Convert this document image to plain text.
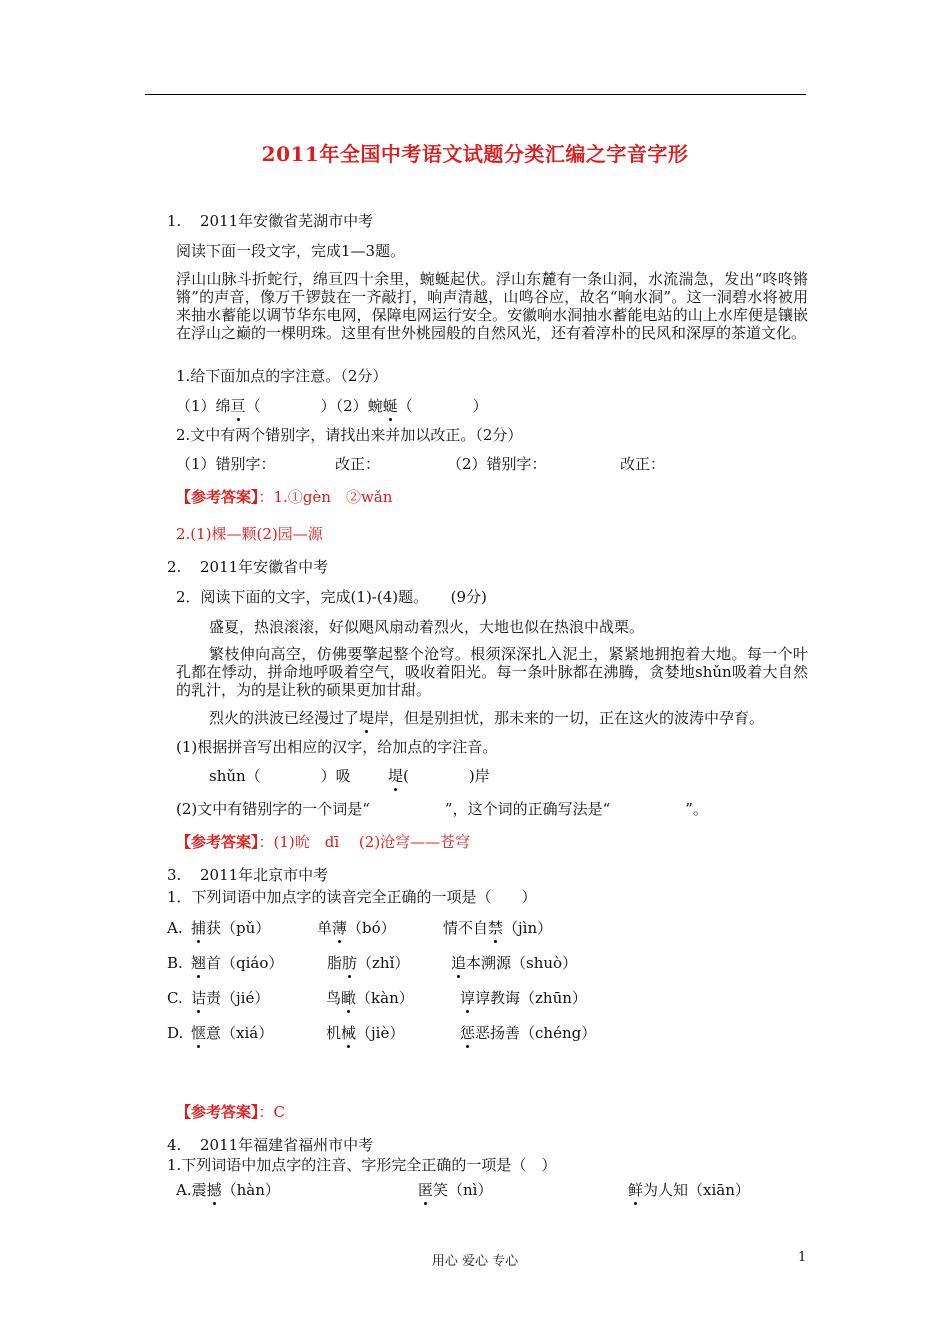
2011年全国中考语文试题分类汇编之字音字形
1. 2011年安徽省芜湖市中考
阅读下面一段文字，完成1—3题。
浮山山脉斗折蛇行，绵亘四十余里，蜿蜒起伏。浮山东麓有一条山洞，水流湍急，发出“咚咚锵锵”的声音，像万千锣鼓在一齐敲打，响声清越，山鸣谷应，故名“响水洞”。这一洞碧水将被用来抽水蓄能以调节华东电网，保障电网运行安全。安徽响水洞抽水蓄能电站的山上水库便是镶嵌在浮山之巅的一棵明珠。这里有世外桃园般的自然风光，还有着淳朴的民风和深厚的茶道文化。
1.给下面加点的字注意。（2分）
（1）绵亘（　　　　）（2）蜿蜒（　　　　）
2.文中有两个错别字，请找出来并加以改正。（2分）
（1）错别字：	改正：	（2）错别字：	改正：
【参考答案】：1.①gèn　②wǎn
2.(1)棵—颗(2)园—源
2. 2011年安徽省中考
2．阅读下面的文字，完成(1)-(4)题。　　(9分)
盛夏，热浪滚滚，好似飓风扇动着烈火，大地也似在热浪中战栗。
繁枝伸向高空，仿佛要擎起整个沧穹。根须深深扎入泥土，紧紧地拥抱着大地。每一个叶孔都在悸动，拼命地呼吸着空气，吸收着阳光。每一条叶脉都在沸腾，贪婪地shǔn吸着大自然的乳汁，为的是让秋的硕果更加甘甜。
烈火的洪波已经漫过了堤岸，但是别担忧，那未来的一切，正在这火的波涛中孕育。
(1)根据拼音写出相应的汉字，给加点的字注音。
shǔn（　　　　）吸 堤(　　　　)岸
(2)文中有错别字的一个词是“　　　　　”，这个词的正确写法是“　　　　　”。
【参考答案】：(1)吮　dī　 (2)沧穹——苍穹
3. 2011年北京市中考
1．下列词语中加点字的读音完全正确的一项是（　　）
A. 捕获（pǔ）	单薄（bó）	情不自禁（jìn）
B. 翘首（qiáo）	脂肪（zhǐ）	追本溯源（shuò）
C. 诘责（jié）	鸟瞰（kàn）	谆谆教诲（zhūn）
D. 惬意（xiá）	机械（jiè）	惩恶扬善（chéng）
【参考答案】：C
4. 2011年福建省福州市中考
1.下列词语中加点字的注音、字形完全正确的一项是（　）
A.震撼（hàn）	匿笑（nì）	鲜为人知（xiān）
用心 爱心 专心	1
